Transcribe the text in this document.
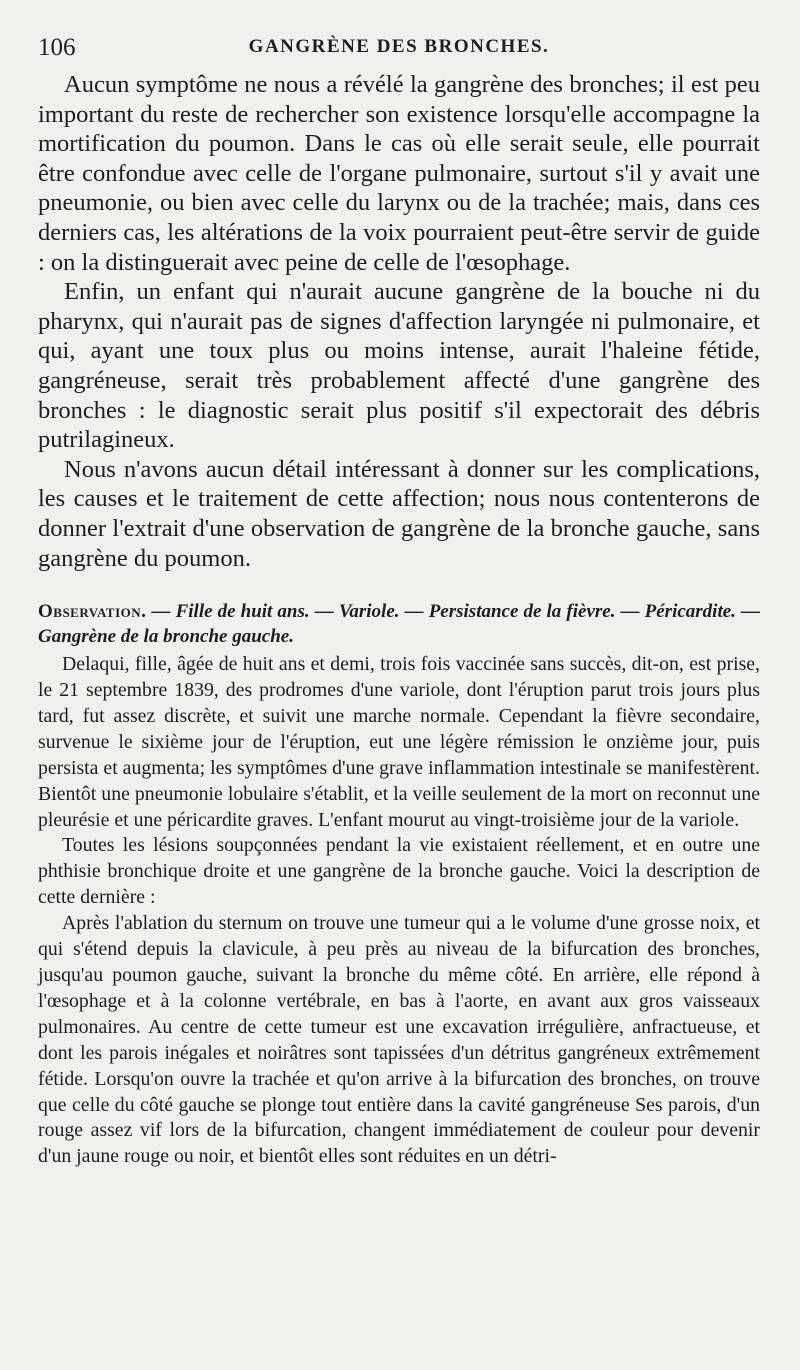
106	GANGRÈNE DES BRONCHES.

Aucun symptôme ne nous a révélé la gangrène des bronches; il est peu important du reste de rechercher son existence lorsqu'elle accompagne la mortification du poumon. Dans le cas où elle serait seule, elle pourrait être confondue avec celle de l'organe pulmonaire, surtout s'il y avait une pneumonie, ou bien avec celle du larynx ou de la trachée; mais, dans ces derniers cas, les altérations de la voix pourraient peut-être servir de guide : on la distinguerait avec peine de celle de l'œsophage.

Enfin, un enfant qui n'aurait aucune gangrène de la bouche ni du pharynx, qui n'aurait pas de signes d'affection laryngée ni pulmonaire, et qui, ayant une toux plus ou moins intense, aurait l'haleine fétide, gangréneuse, serait très probablement affecté d'une gangrène des bronches : le diagnostic serait plus positif s'il expectorait des débris putrilagineux.

Nous n'avons aucun détail intéressant à donner sur les complications, les causes et le traitement de cette affection; nous nous contenterons de donner l'extrait d'une observation de gangrène de la bronche gauche, sans gangrène du poumon.

Observation. — Fille de huit ans. — Variole. — Persistance de la fièvre. — Péricardite. — Gangrène de la bronche gauche.

Delaqui, fille, âgée de huit ans et demi, trois fois vaccinée sans succès, dit-on, est prise, le 21 septembre 1839, des prodromes d'une variole, dont l'éruption parut trois jours plus tard, fut assez discrète, et suivit une marche normale. Cependant la fièvre secondaire, survenue le sixième jour de l'éruption, eut une légère rémission le onzième jour, puis persista et augmenta; les symptômes d'une grave inflammation intestinale se manifestèrent. Bientôt une pneumonie lobulaire s'établit, et la veille seulement de la mort on reconnut une pleurésie et une péricardite graves. L'enfant mourut au vingt-troisième jour de la variole.

Toutes les lésions soupçonnées pendant la vie existaient réellement, et en outre une phthisie bronchique droite et une gangrène de la bronche gauche. Voici la description de cette dernière :

Après l'ablation du sternum on trouve une tumeur qui a le volume d'une grosse noix, et qui s'étend depuis la clavicule, à peu près au niveau de la bifurcation des bronches, jusqu'au poumon gauche, suivant la bronche du même côté. En arrière, elle répond à l'œsophage et à la colonne vertébrale, en bas à l'aorte, en avant aux gros vaisseaux pulmonaires. Au centre de cette tumeur est une excavation irrégulière, anfractueuse, et dont les parois inégales et noirâtres sont tapissées d'un détritus gangréneux extrêmement fétide. Lorsqu'on ouvre la trachée et qu'on arrive à la bifurcation des bronches, on trouve que celle du côté gauche se plonge tout entière dans la cavité gangréneuse Ses parois, d'un rouge assez vif lors de la bifurcation, changent immédiatement de couleur pour devenir d'un jaune rouge ou noir, et bientôt elles sont réduites en un détri-
